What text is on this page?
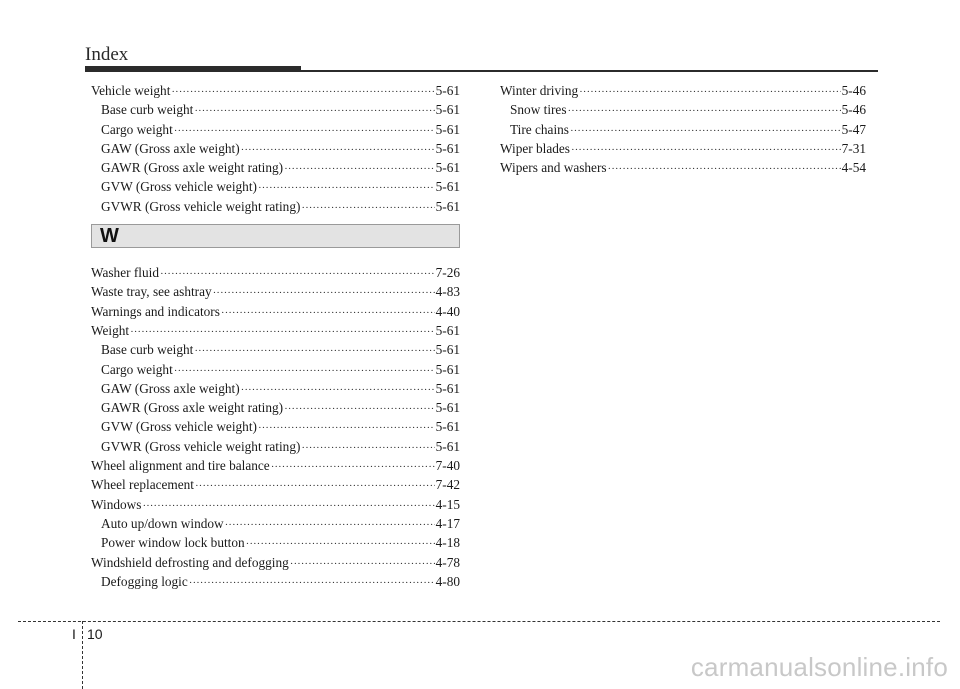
Index
Vehicle weight ·····	5-61
Base curb weight ·····	5-61
Cargo weight ·····	5-61
GAW (Gross axle weight) ·····	5-61
GAWR (Gross axle weight rating) ·····	5-61
GVW (Gross vehicle weight) ·····	5-61
GVWR (Gross vehicle weight rating) ·····	5-61
W
Washer fluid ·····	7-26
Waste tray, see ashtray ·····	4-83
Warnings and indicators ·····	4-40
Weight ·····	5-61
Base curb weight ·····	5-61
Cargo weight ·····	5-61
GAW (Gross axle weight) ·····	5-61
GAWR (Gross axle weight rating) ·····	5-61
GVW (Gross vehicle weight) ·····	5-61
GVWR (Gross vehicle weight rating) ·····	5-61
Wheel alignment and tire balance ·····	7-40
Wheel replacement ·····	7-42
Windows ·····	4-15
Auto up/down window ·····	4-17
Power window lock button ·····	4-18
Windshield defrosting and defogging ·····	4-78
Defogging logic ·····	4-80
Winter driving ·····	5-46
Snow tires ·····	5-46
Tire chains ·····	5-47
Wiper blades ·····	7-31
Wipers and washers ·····	4-54
I 10
carmanualsonline.info
